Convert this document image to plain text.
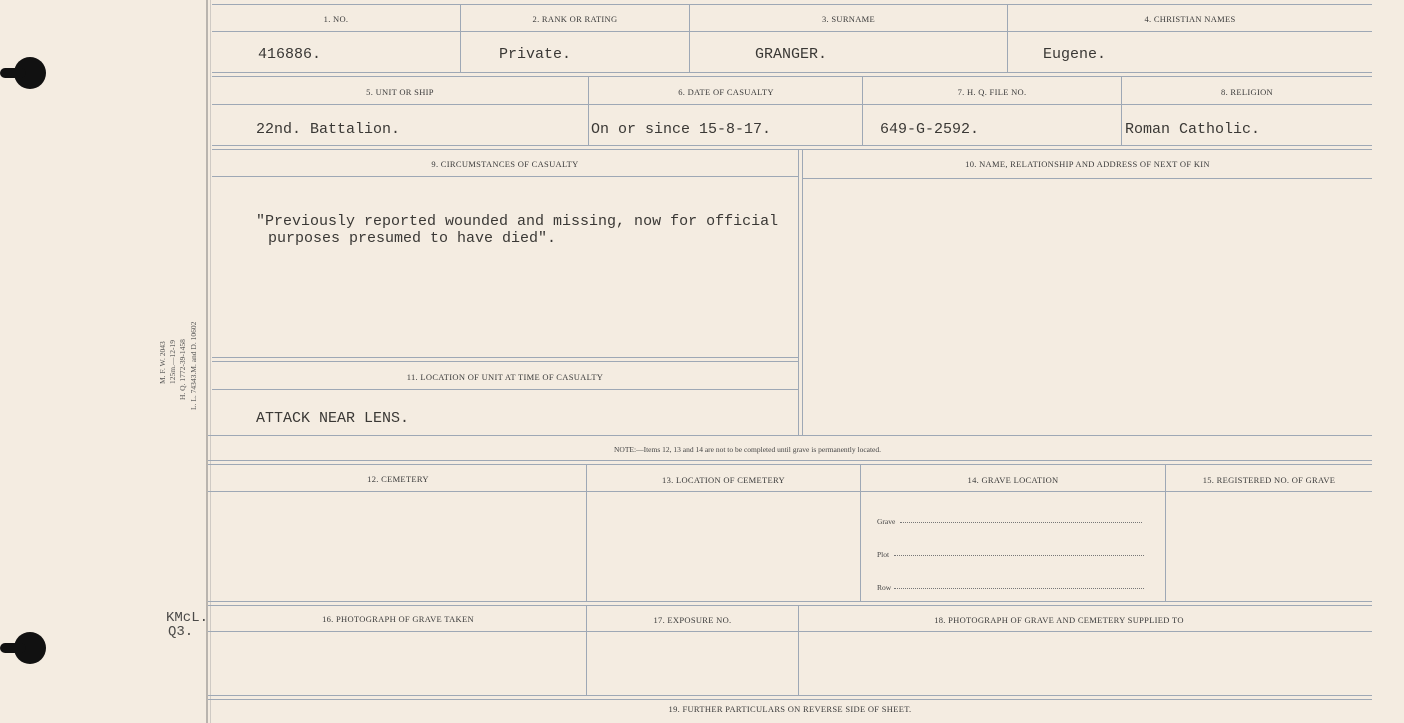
M. F. W. 2043 125m.—12-19 H. Q. 1772-39-1458 L. L. 74343.M. and D. 10602
1. NO.	2. RANK OR RATING	3. SURNAME	4. CHRISTIAN NAMES
416886.	Private.	GRANGER.	Eugene.
5. UNIT OR SHIP	6. DATE OF CASUALTY	7. H. Q. FILE NO.	8. RELIGION
22nd. Battalion.	On or since 15-8-17.	649-G-2592.	Roman Catholic.
9. CIRCUMSTANCES OF CASUALTY	10. NAME, RELATIONSHIP AND ADDRESS OF NEXT OF KIN
"Previously reported wounded and missing, now for official
purposes presumed to have died".
11. LOCATION OF UNIT AT TIME OF CASUALTY
ATTACK NEAR LENS.
NOTE:—Items 12, 13 and 14 are not to be completed until grave is permanently located.
12. CEMETERY	13. LOCATION OF CEMETERY	14. GRAVE LOCATION	15. REGISTERED NO. OF GRAVE
Grave
Plot
Row
16. PHOTOGRAPH OF GRAVE TAKEN	17. EXPOSURE NO.	18. PHOTOGRAPH OF GRAVE AND CEMETERY SUPPLIED TO
19. FURTHER PARTICULARS ON REVERSE SIDE OF SHEET.
KMcL.
Q3.
